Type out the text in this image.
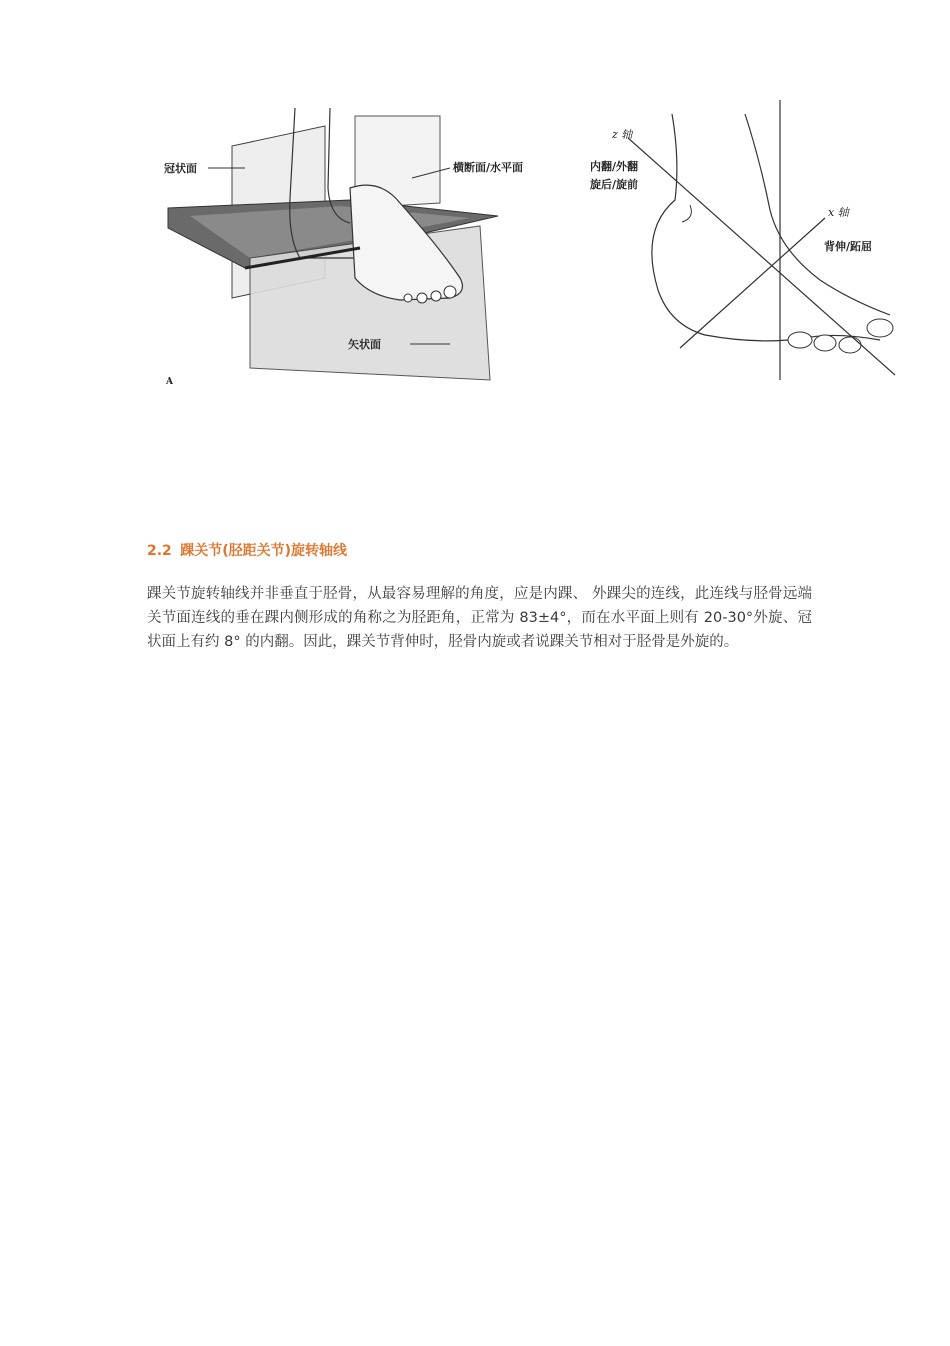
冠状面	横断面/水平面
矢状面
A
z 轴
内翻/外翻
旋后/旋前
x 轴
背伸/跖屈
2.2 踝关节(胫距关节)旋转轴线

踝关节旋转轴线并非垂直于胫骨，从最容易理解的角度，应是内踝、 外踝尖的连线，此连线与胫骨远端关节面连线的垂在踝内侧形成的角称之为胫距角，正常为 83±4°，而在水平面上则有 20-30°外旋、冠状面上有约 8° 的内翻。因此，踝关节背伸时，胫骨内旋或者说踝关节相对于胫骨是外旋的。
